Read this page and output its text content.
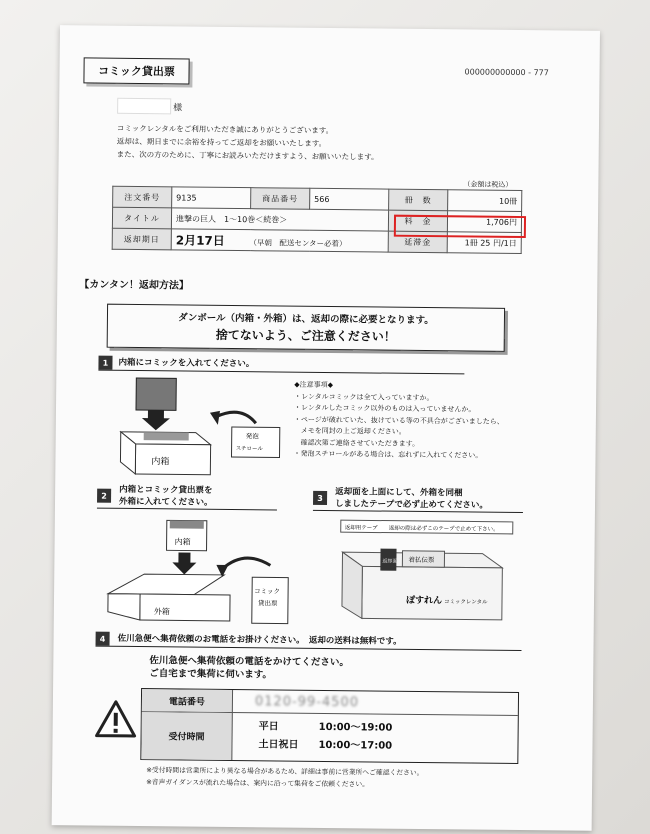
コミック貸出票	000000000000 - 777
様
コミックレンタルをご利用いただき誠にありがとうございます。
返却は、期日までに余裕を持ってご返却をお願いいたします。
また、次の方のために、丁寧にお読みいただけますよう、お願いいたします。
（金額は税込）
注文番号	9135	商品番号	566	冊　数	10冊
タイトル	進撃の巨人　1～10巻＜続巻＞			料　金	1,706円
返却期日	2月17日 （早朝　配送センター必着）			延滞金	1冊 25 円/1日
【カンタン！返却方法】
ダンボール（内箱・外箱）は、返却の際に必要となります。
捨てないよう、ご注意ください！
1	内箱にコミックを入れてください。
内箱
発泡
スチロール
◆注意事項◆
・レンタルコミックは全て入っていますか。
・レンタルしたコミック以外のものは入っていませんか。
・ページが破れていた、抜けている等の不具合がございましたら、
　メモを同封の上ご返却ください。
　確認次第ご連絡させていただきます。
・発泡スチロールがある場合は、忘れずに入れてください。
2	内箱とコミック貸出票を
外箱に入れてください。	3	返却面を上面にして、外箱を同梱
しましたテープで必ず止めてください。
内箱
外箱
コミック
貸出票
返却用テープ 返却の際は必ずこのテープで止めて下さい。
返却面 着払伝票
ぽすれん コミックレンタル
4	佐川急便へ集荷依頼のお電話をお掛けください。　返却の送料は無料です。
佐川急便へ集荷依頼の電話をかけてください。
ご自宅まで集荷に伺います。
電話番号	0120-99-4500
受付時間
平日	10:00～19:00
土日祝日	10:00～17:00
※受付時間は営業所により異なる場合があるため、詳細は事前に営業所へご確認ください。
※音声ガイダンスが流れた場合は、案内に沿って集荷をご依頼ください。
